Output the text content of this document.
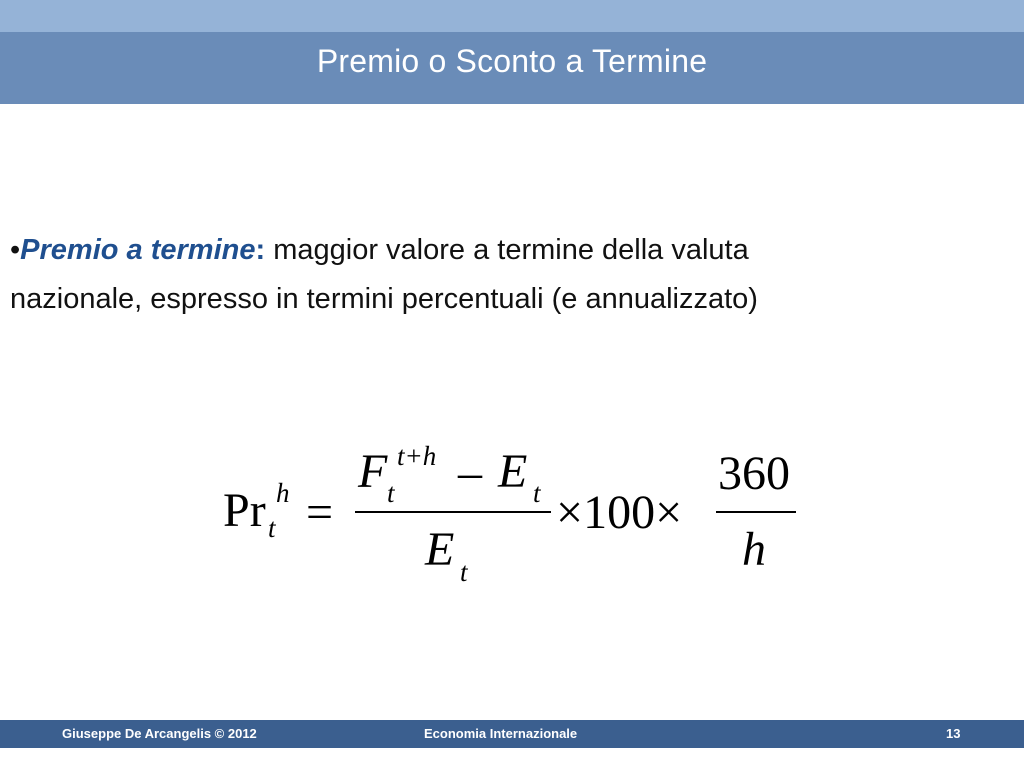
Premio o Sconto a Termine
•Premio a termine: maggior valore a termine della valuta
nazionale, espresso in termini percentuali (e annualizzato)
Pr h
t =
F t+h
t – E t
E t
×100×
360
h
Giuseppe De Arcangelis © 2012	Economia Internazionale	13
